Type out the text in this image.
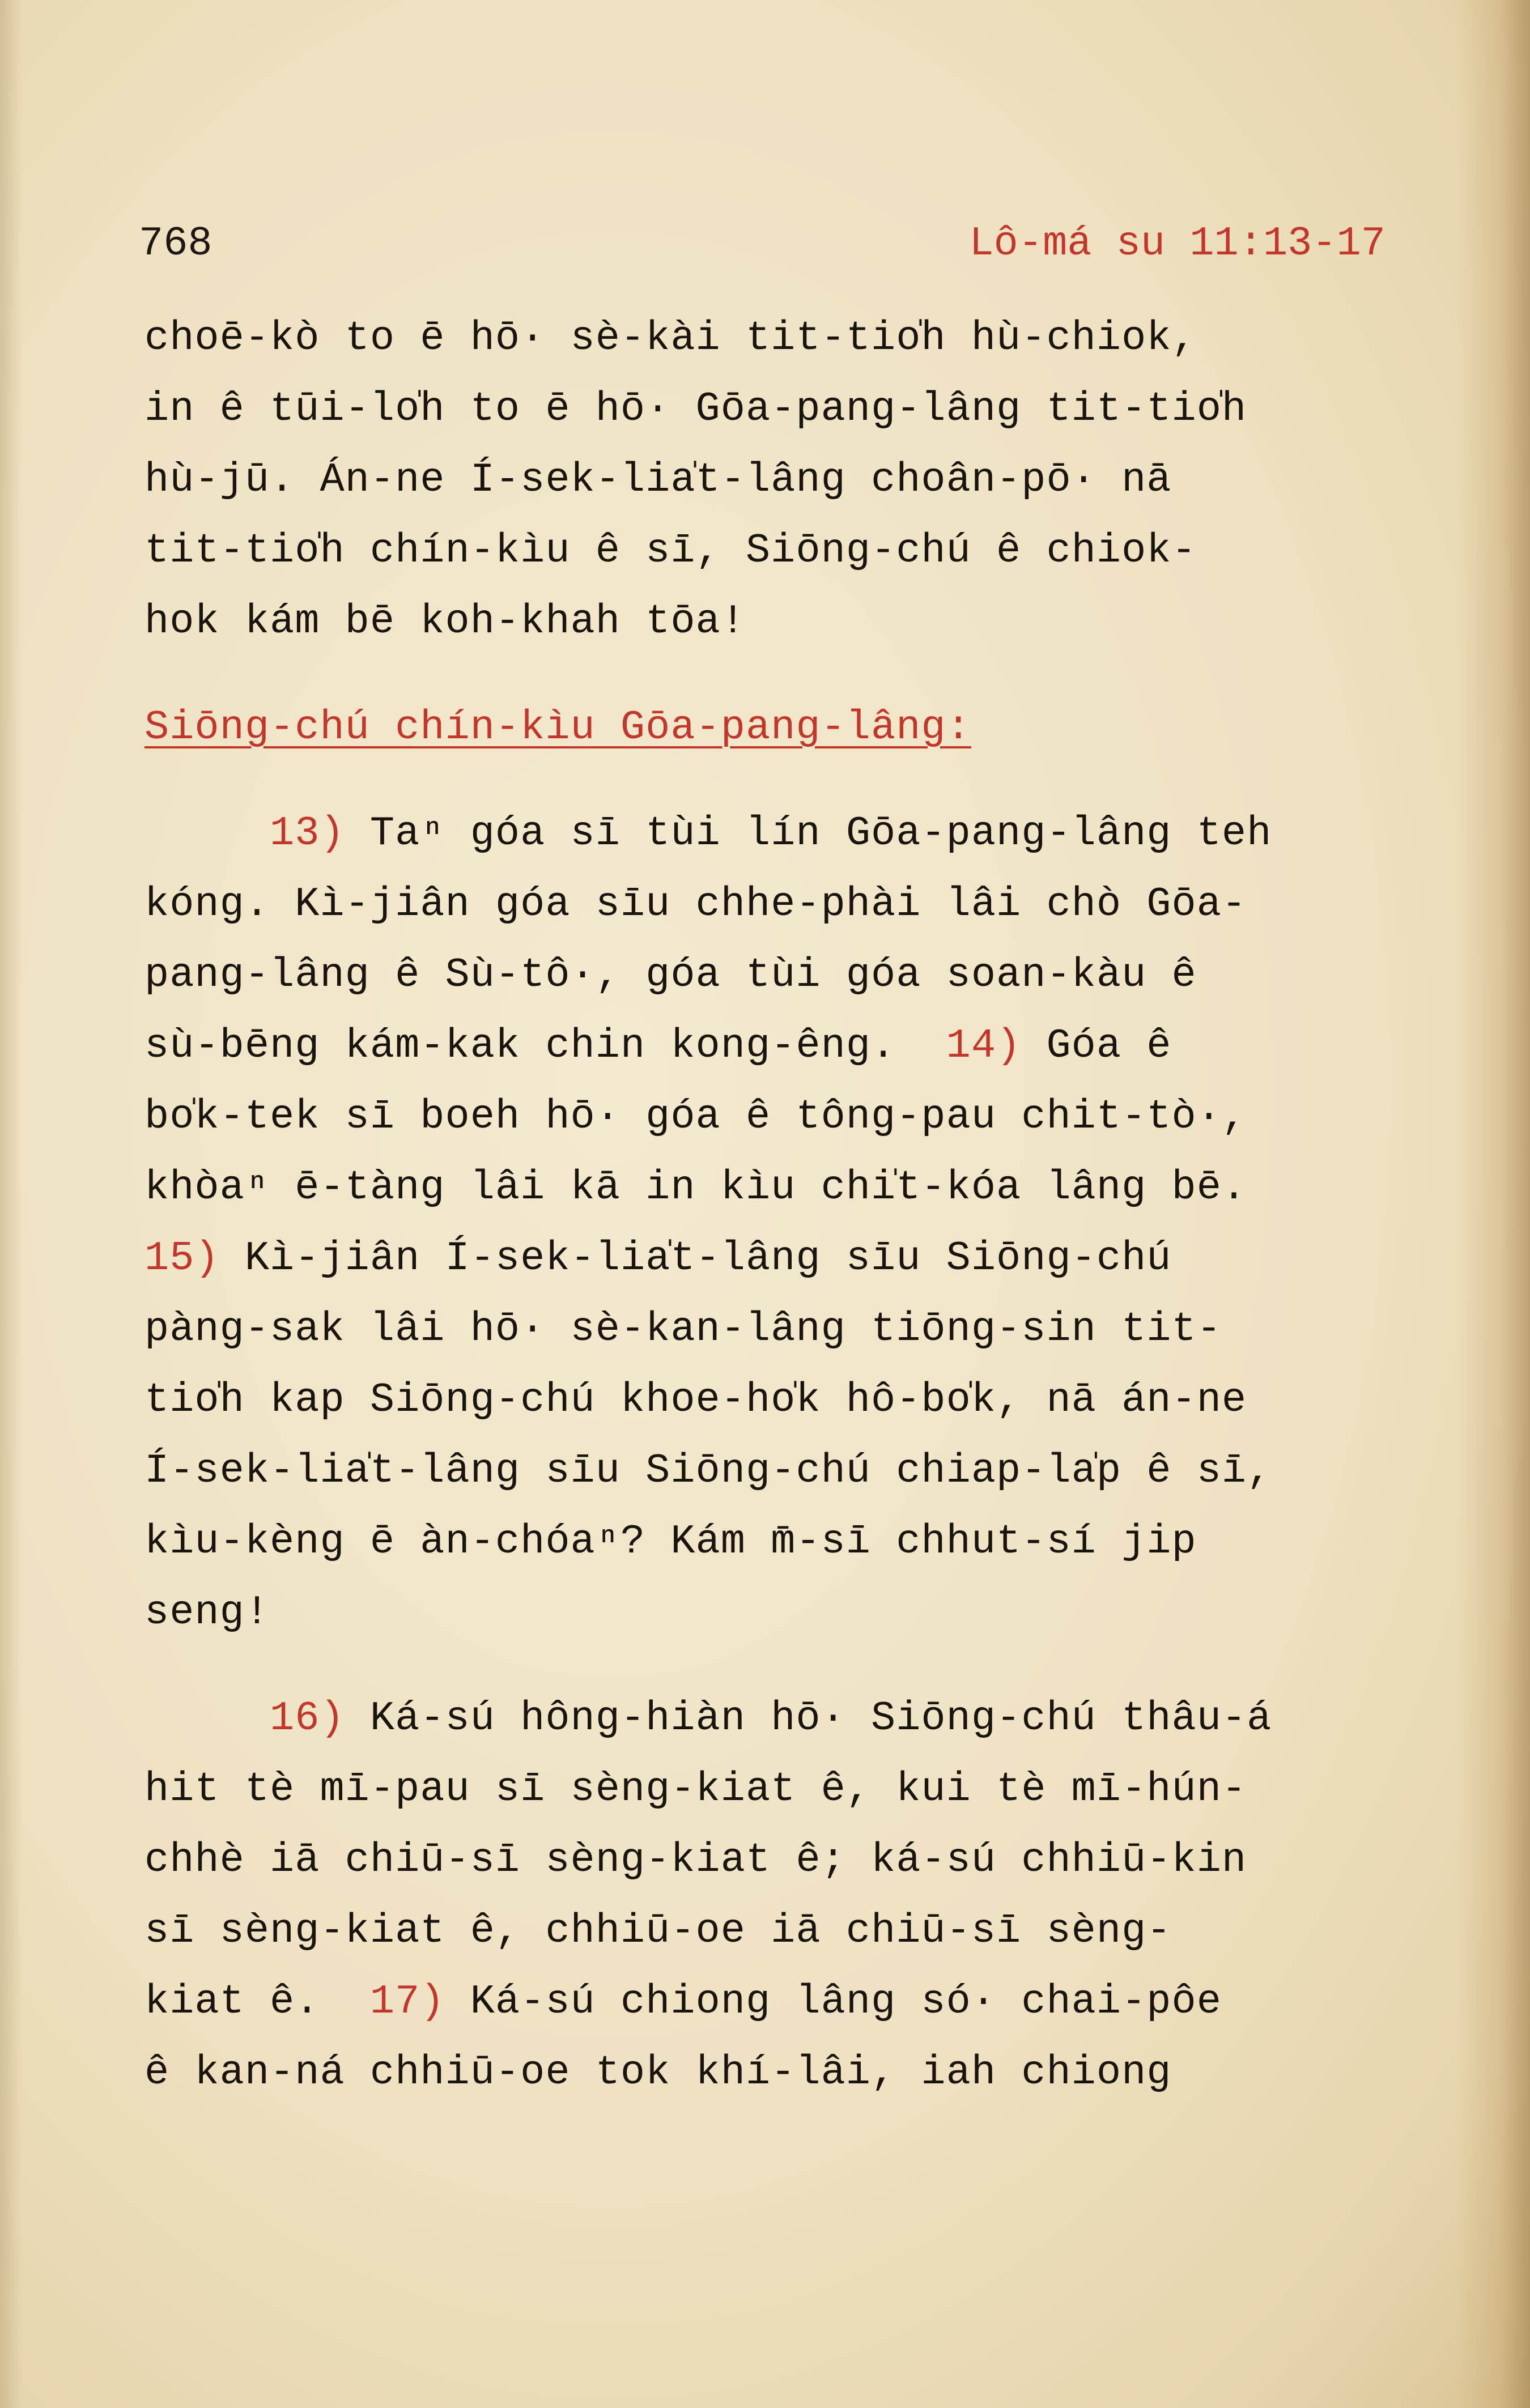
768	Lô-má su 11:13-17
choē-kò to ē hō· sè-kài tit-tio̍h hù-chiok,
in ê tūi-lo̍h to ē hō· Gōa-pang-lâng tit-tio̍h
hù-jū. Án-ne Í-sek-lia̍t-lâng choân-pō· nā
tit-tio̍h chín-kìu ê sī, Siōng-chú ê chiok-
hok kám bē koh-khah tōa!
Siōng-chú chín-kìu Gōa-pang-lâng:
13) Taⁿ góa sī tùi lín Gōa-pang-lâng teh
kóng. Kì-jiân góa sīu chhe-phài lâi chò Gōa-
pang-lâng ê Sù-tô·, góa tùi góa soan-kàu ê
sù-bēng kám-kak chin kong-êng.  14) Góa ê
bo̍k-tek sī boeh hō· góa ê tông-pau chit-tò·,
khòaⁿ ē-tàng lâi kā in kìu chi̍t-kóa lâng bē.
15) Kì-jiân Í-sek-lia̍t-lâng sīu Siōng-chú
pàng-sak lâi hō· sè-kan-lâng tiōng-sin tit-
tio̍h kap Siōng-chú khoe-ho̍k hô-bo̍k, nā án-ne
Í-sek-lia̍t-lâng sīu Siōng-chú chiap-la̍p ê sī,
kìu-kèng ē àn-chóaⁿ? Kám m̄-sī chhut-sí jip
seng!
16) Ká-sú hông-hiàn hō· Siōng-chú thâu-á
hit tè mī-pau sī sèng-kiat ê, kui tè mī-hún-
chhè iā chiū-sī sèng-kiat ê; ká-sú chhiū-kin
sī sèng-kiat ê, chhiū-oe iā chiū-sī sèng-
kiat ê.  17) Ká-sú chiong lâng só· chai-pôe
ê kan-ná chhiū-oe tok khí-lâi, iah chiong
